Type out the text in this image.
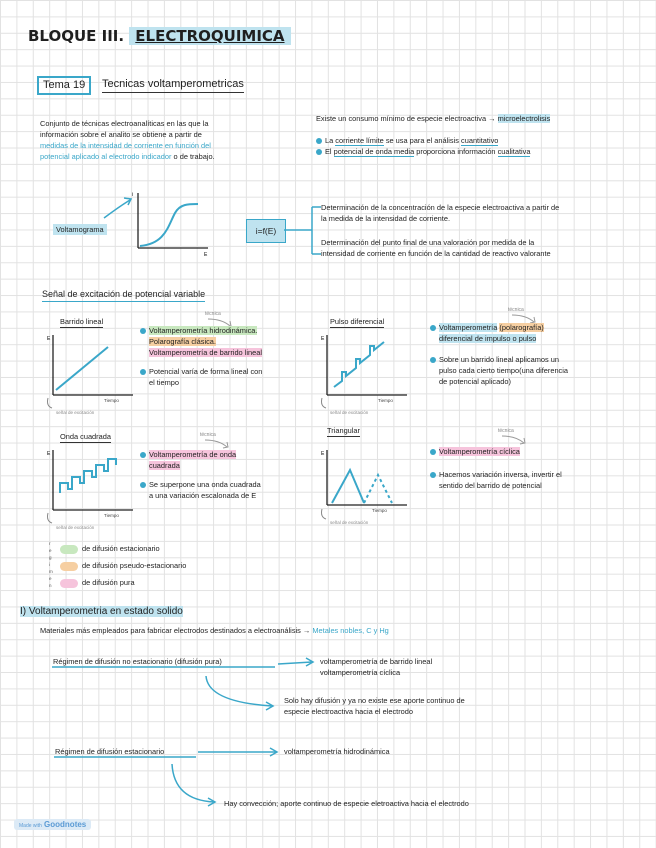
BLOQUE III. ELECTROQUIMICA
Tema 19	Tecnicas voltamperometricas
Conjunto de técnicas electroanalíticas en las que la
información sobre el analito se obtiene a partir de
medidas de la intensidad de corriente en función del
potencial aplicado al electrodo indicador o de trabajo.
Existe un consumo mínimo de especie electroactiva → microelectrolisis
La corriente límite se usa para el análisis cuantitativo
El potencial de onda media proporciona información cualitativa
Voltamograma
i
E
i=f(E)
Determinación de la concentración de la especie electroactiva a partir de
la medida de la intensidad de corriente.
Determinación del punto final de una valoración por medida de la
intensidad de corriente en función de la cantidad de reactivo valorante
Señal de excitación de potencial variable
Barrido lineal
E
Tiempo
señal de excitación
técnica
Voltamperometría hidrodinámica.
Polarografía clásica.
Voltamperometría de barrido lineal
Potencial varía de forma lineal con
el tiempo
Pulso diferencial
E
Tiempo
señal de excitación
técnica
Voltamperometría (polarografía)
diferencial de impulso o pulso
Sobre un barrido lineal aplicamos un
pulso cada cierto tiempo(una diferencia
de potencial aplicado)
Onda cuadrada
E
Tiempo
señal de excitación
técnica
Voltamperometría de onda
cuadrada
Se superpone una onda cuadrada
a una variación escalonada de E
Triangular
E
Tiempo
señal de excitación
técnica
Voltamperometría cíclica
Hacemos variación inversa, invertir el
sentido del barrido de potencial
r
e
g
i
m
e
n
de difusión estacionario
de difusión pseudo-estacionario
de difusión pura
I) Voltamperometria en estado solido
Materiales más empleados para fabricar electrodos destinados a electroanálisis → Metales nobles, C y Hg
Régimen de difusión no estacionario (difusión pura)	voltamperometría de barrido lineal
voltamperometría cíclica
Solo hay difusión y ya no existe ese aporte continuo de
especie electroactiva hacia el electrodo
Régimen de difusión estacionario	voltamperometría hidrodinámica
Hay convección; aporte continuo de especie eletroactiva hacia el electrodo
Made with Goodnotes
